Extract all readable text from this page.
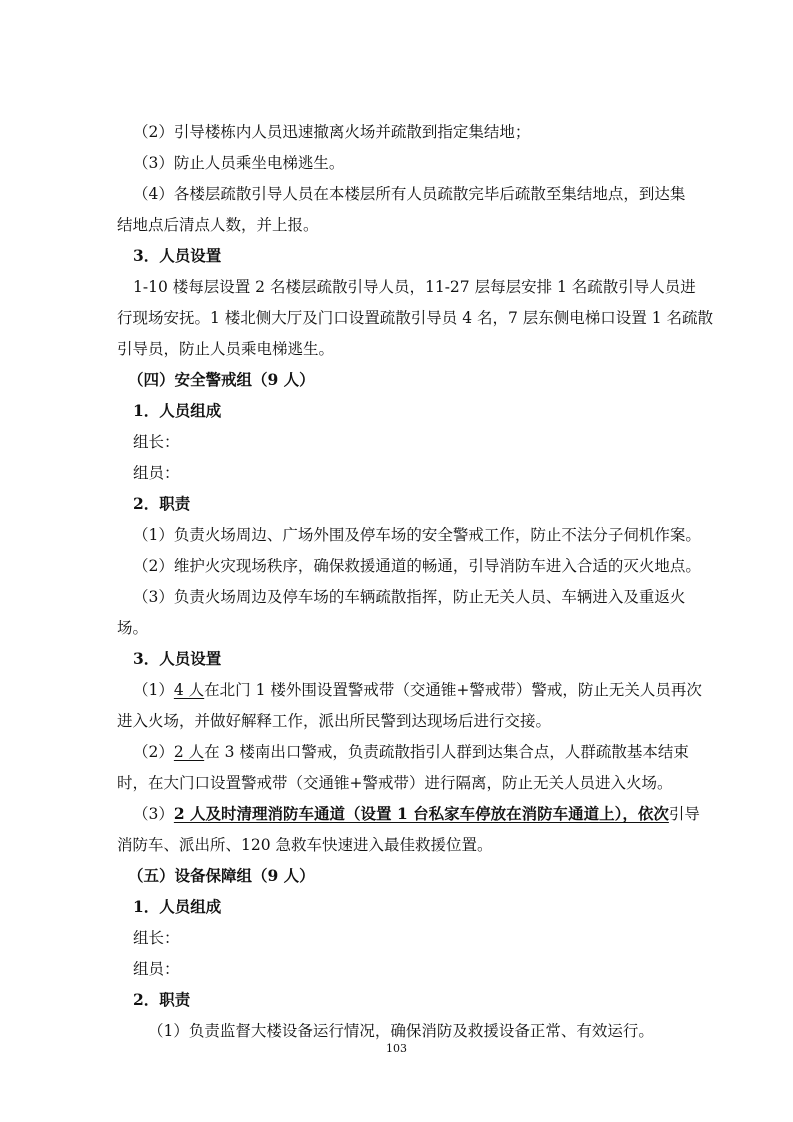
（2）引导楼栋内人员迅速撤离火场并疏散到指定集结地；
（3）防止人员乘坐电梯逃生。
（4）各楼层疏散引导人员在本楼层所有人员疏散完毕后疏散至集结地点，到达集
结地点后清点人数，并上报。
3．人员设置
1-10 楼每层设置 2 名楼层疏散引导人员，11-27 层每层安排 1 名疏散引导人员进
行现场安抚。1 楼北侧大厅及门口设置疏散引导员 4 名，7 层东侧电梯口设置 1 名疏散
引导员，防止人员乘电梯逃生。
（四）安全警戒组（9 人）
1．人员组成
组长：
组员：
2．职责
（1）负责火场周边、广场外围及停车场的安全警戒工作，防止不法分子伺机作案。
（2）维护火灾现场秩序，确保救援通道的畅通，引导消防车进入合适的灭火地点。
（3）负责火场周边及停车场的车辆疏散指挥，防止无关人员、车辆进入及重返火
场。
3．人员设置
（1）4 人在北门 1 楼外围设置警戒带（交通锥+警戒带）警戒，防止无关人员再次
进入火场，并做好解释工作，派出所民警到达现场后进行交接。
（2）2 人在 3 楼南出口警戒，负责疏散指引人群到达集合点，人群疏散基本结束
时，在大门口设置警戒带（交通锥+警戒带）进行隔离，防止无关人员进入火场。
（3）2 人及时清理消防车通道（设置 1 台私家车停放在消防车通道上），依次引导
消防车、派出所、120 急救车快速进入最佳救援位置。
（五）设备保障组（9 人）
1．人员组成
组长：
组员：
2．职责
（1）负责监督大楼设备运行情况，确保消防及救援设备正常、有效运行。
103
